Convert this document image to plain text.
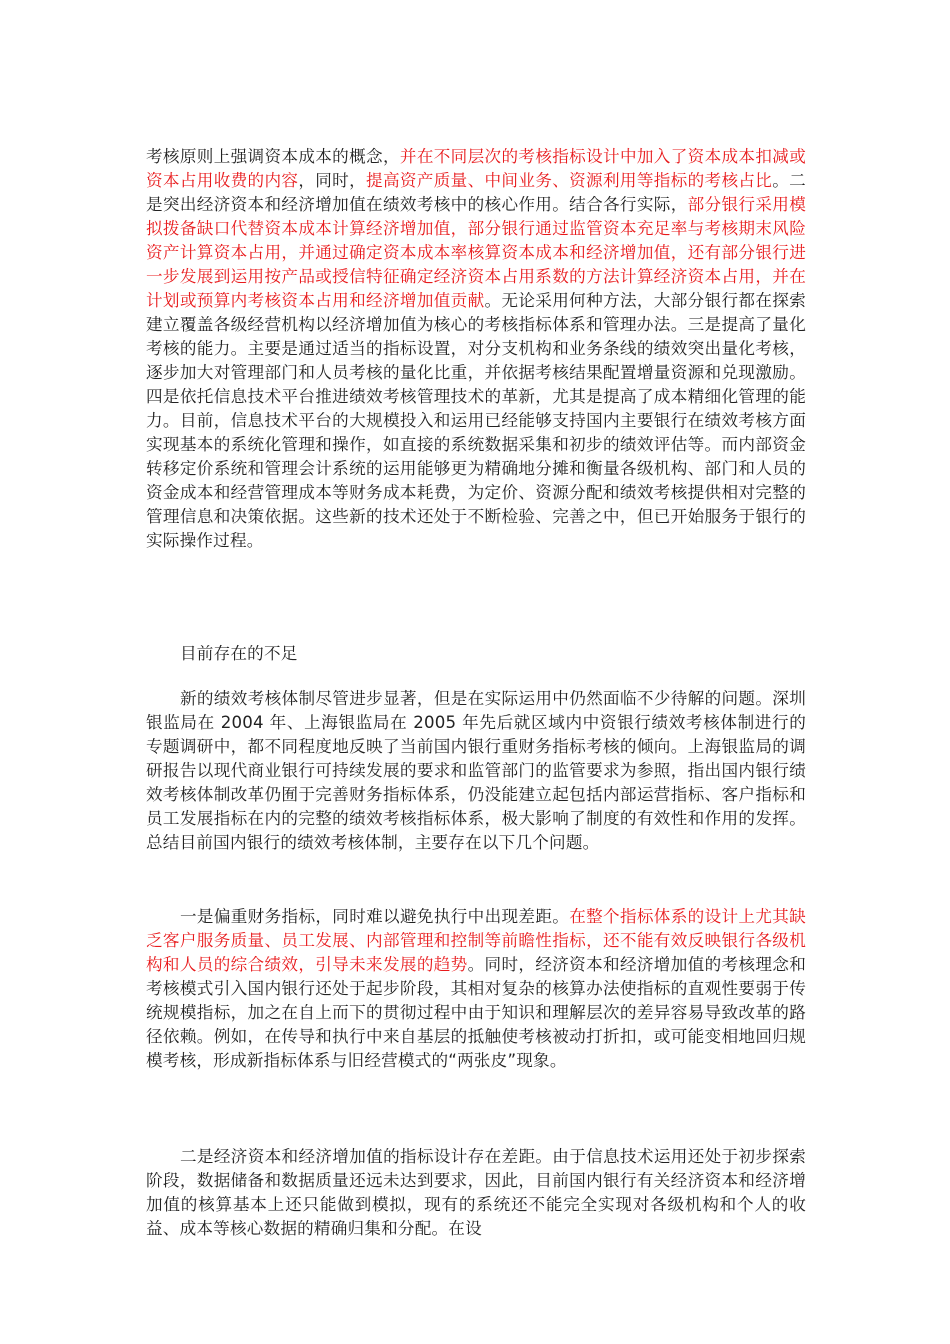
考核原则上强调资本成本的概念，并在不同层次的考核指标设计中加入了资本成本扣减或资本占用收费的内容，同时，提高资产质量、中间业务、资源利用等指标的考核占比。二是突出经济资本和经济增加值在绩效考核中的核心作用。结合各行实际，部分银行采用模拟拨备缺口代替资本成本计算经济增加值，部分银行通过监管资本充足率与考核期末风险资产计算资本占用，并通过确定资本成本率核算资本成本和经济增加值，还有部分银行进一步发展到运用按产品或授信特征确定经济资本占用系数的方法计算经济资本占用，并在计划或预算内考核资本占用和经济增加值贡献。无论采用何种方法，大部分银行都在探索建立覆盖各级经营机构以经济增加值为核心的考核指标体系和管理办法。三是提高了量化考核的能力。主要是通过适当的指标设置，对分支机构和业务条线的绩效突出量化考核，逐步加大对管理部门和人员考核的量化比重，并依据考核结果配置增量资源和兑现激励。四是依托信息技术平台推进绩效考核管理技术的革新，尤其是提高了成本精细化管理的能力。目前，信息技术平台的大规模投入和运用已经能够支持国内主要银行在绩效考核方面实现基本的系统化管理和操作，如直接的系统数据采集和初步的绩效评估等。而内部资金转移定价系统和管理会计系统的运用能够更为精确地分摊和衡量各级机构、部门和人员的资金成本和经营管理成本等财务成本耗费，为定价、资源分配和绩效考核提供相对完整的管理信息和决策依据。这些新的技术还处于不断检验、完善之中，但已开始服务于银行的实际操作过程。

目前存在的不足

新的绩效考核体制尽管进步显著，但是在实际运用中仍然面临不少待解的问题。深圳银监局在 2004 年、上海银监局在 2005 年先后就区域内中资银行绩效考核体制进行的专题调研中，都不同程度地反映了当前国内银行重财务指标考核的倾向。上海银监局的调研报告以现代商业银行可持续发展的要求和监管部门的监管要求为参照，指出国内银行绩效考核体制改革仍囿于完善财务指标体系，仍没能建立起包括内部运营指标、客户指标和员工发展指标在内的完整的绩效考核指标体系，极大影响了制度的有效性和作用的发挥。总结目前国内银行的绩效考核体制，主要存在以下几个问题。

一是偏重财务指标，同时难以避免执行中出现差距。在整个指标体系的设计上尤其缺乏客户服务质量、员工发展、内部管理和控制等前瞻性指标，还不能有效反映银行各级机构和人员的综合绩效，引导未来发展的趋势。同时，经济资本和经济增加值的考核理念和考核模式引入国内银行还处于起步阶段，其相对复杂的核算办法使指标的直观性要弱于传统规模指标，加之在自上而下的贯彻过程中由于知识和理解层次的差异容易导致改革的路径依赖。例如，在传导和执行中来自基层的抵触使考核被动打折扣，或可能变相地回归规模考核，形成新指标体系与旧经营模式的“两张皮”现象。

二是经济资本和经济增加值的指标设计存在差距。由于信息技术运用还处于初步探索阶段，数据储备和数据质量还远未达到要求，因此，目前国内银行有关经济资本和经济增加值的核算基本上还只能做到模拟，现有的系统还不能完全实现对各级机构和个人的收益、成本等核心数据的精确归集和分配。在设
